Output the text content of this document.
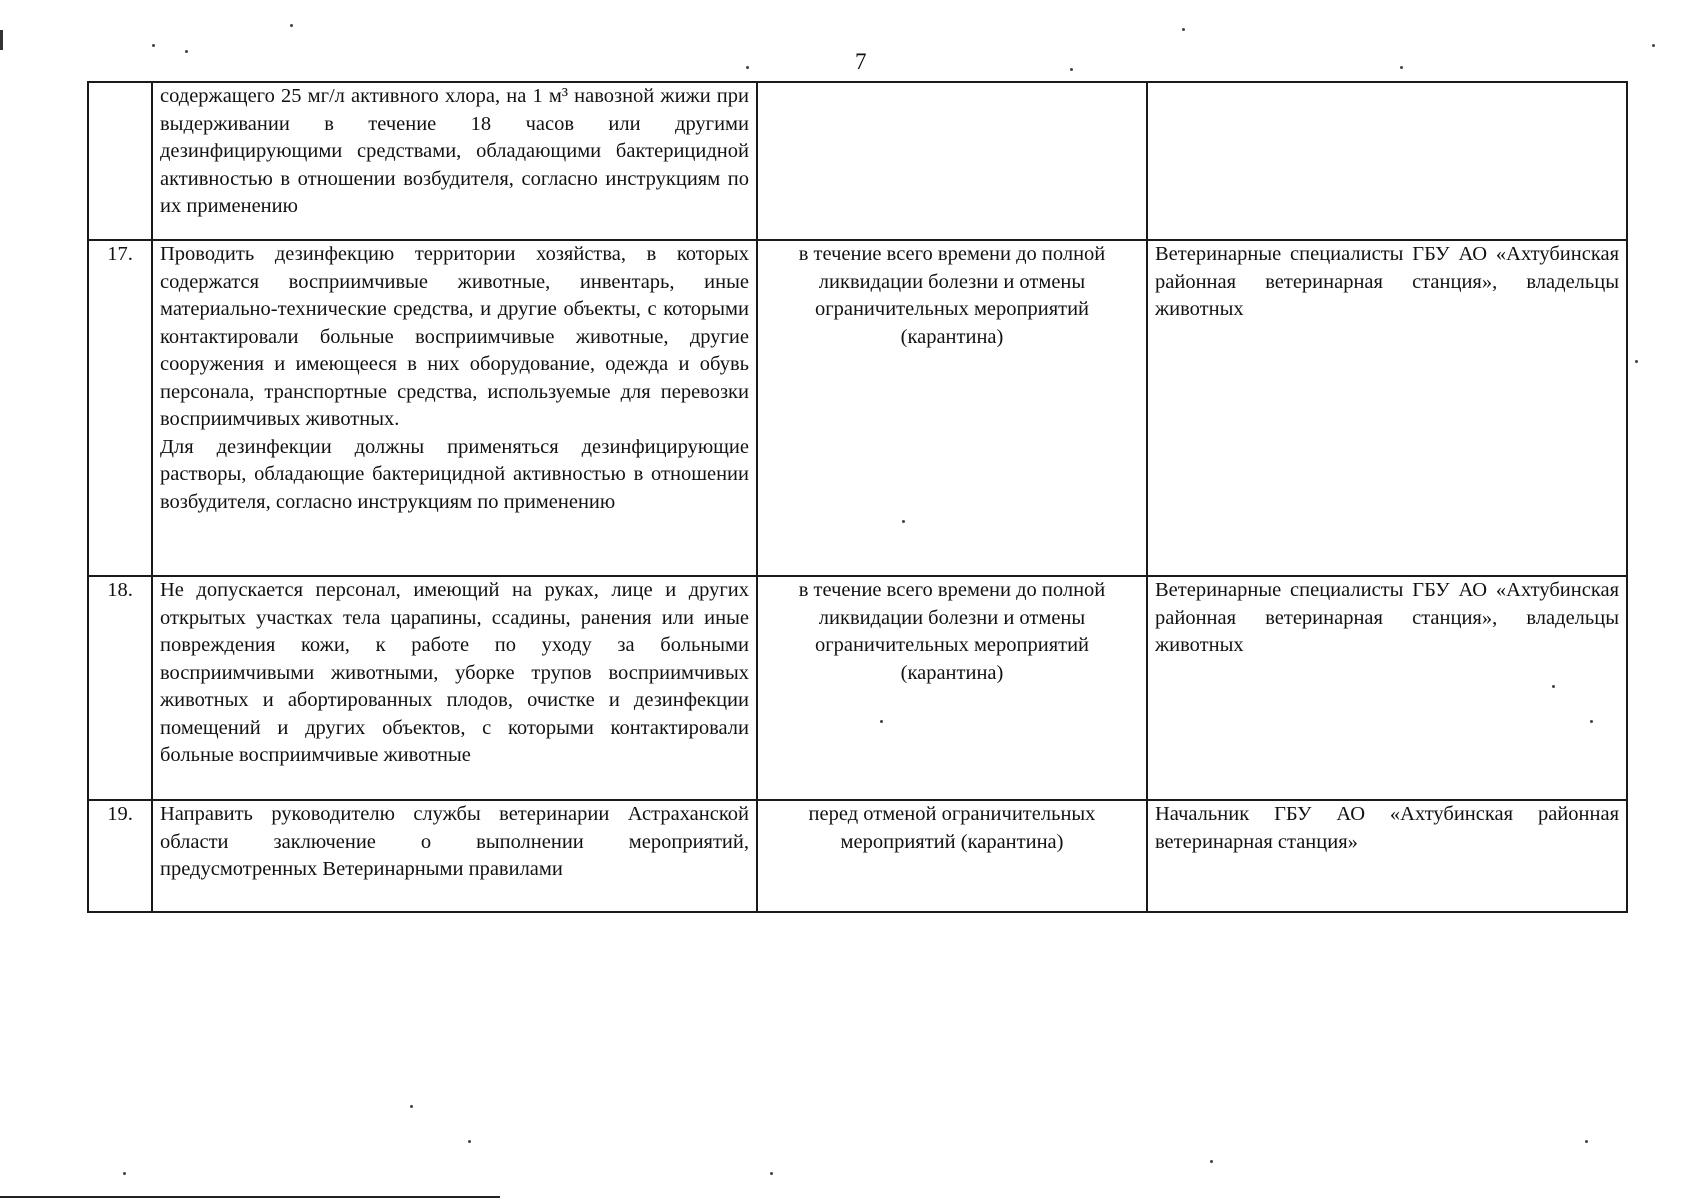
7

	содержащего 25 мг/л активного хлора, на 1 м³ навозной жижи при выдерживании в течение 18 часов или другими дезинфицирующими средствами, обладающими бактерицидной активностью в отношении возбудителя, согласно инструкциям по их применению		

17.	Проводить дезинфекцию территории хозяйства, в которых содержатся восприимчивые животные, инвентарь, иные материально-технические средства, и другие объекты, с которыми контактировали больные восприимчивые животные, другие сооружения и имеющееся в них оборудование, одежда и обувь персонала, транспортные средства, используемые для перевозки восприимчивых животных.
Для дезинфекции должны применяться дезинфицирующие растворы, обладающие бактерицидной активностью в отношении возбудителя, согласно инструкциям по применению	в течение всего времени до полной ликвидации болезни и отмены ограничительных мероприятий (карантина)	Ветеринарные специалисты ГБУ АО «Ахтубинская районная ветеринарная станция», владельцы животных
18.	Не допускается персонал, имеющий на руках, лице и других открытых участках тела царапины, ссадины, ранения или иные повреждения кожи, к работе по уходу за больными восприимчивыми животными, уборке трупов восприимчивых животных и абортированных плодов, очистке и дезинфекции помещений и других объектов, с которыми контактировали больные восприимчивые животные	в течение всего времени до полной ликвидации болезни и отмены ограничительных мероприятий (карантина)	Ветеринарные специалисты ГБУ АО «Ахтубинская районная ветеринарная станция», владельцы животных
19.	Направить руководителю службы ветеринарии Астраханской области заключение о выполнении мероприятий, предусмотренных Ветеринарными правилами	перед отменой ограничительных мероприятий (карантина)	Начальник ГБУ АО «Ахтубинская районная ветеринарная станция»
